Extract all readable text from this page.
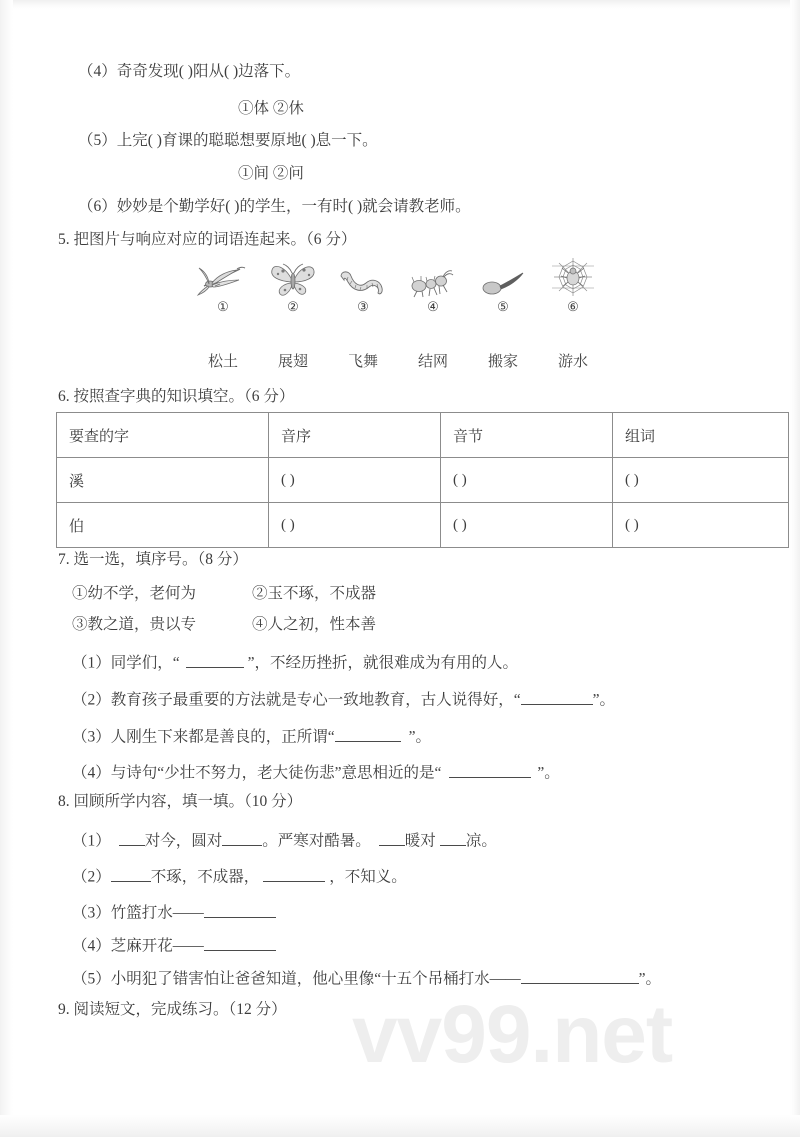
vv99.net
（4）奇奇发现( )阳从( )边落下。
①体 ②休
（5）上完( )育课的聪聪想要原地( )息一下。
①间 ②问
（6）妙妙是个勤学好( )的学生，一有时( )就会请教老师。
5. 把图片与响应对应的词语连起来。（6 分）
①	②	③	④	⑤	⑥
松土	展翅	飞舞	结网	搬家	游水
6. 按照查字典的知识填空。（6 分）
要查的字	音序	音节	组词
溪	( )	( )	( )
伯	( )	( )	( )
7. 选一选，填序号。（8 分）
①幼不学，老何为	②玉不琢，不成器
③教之道，贵以专	④人之初，性本善
（1）同学们，“	”，不经历挫折，就很难成为有用的人。
（2）教育孩子最重要的方法就是专心一致地教育，古人说得好，“	”。
（3）人刚生下来都是善良的，正所谓“	”。
（4）与诗句“少壮不努力，老大徒伤悲”意思相近的是“	”。
8. 回顾所学内容，填一填。（10 分）
（1） 对今，圆对	。严寒对酷暑。 暖对 凉。
（2）	不琢，不成器，	，不知义。
（3）竹篮打水——
（4）芝麻开花——
（5）小明犯了错害怕让爸爸知道，他心里像“十五个吊桶打水——	”。
9. 阅读短文，完成练习。（12 分）
